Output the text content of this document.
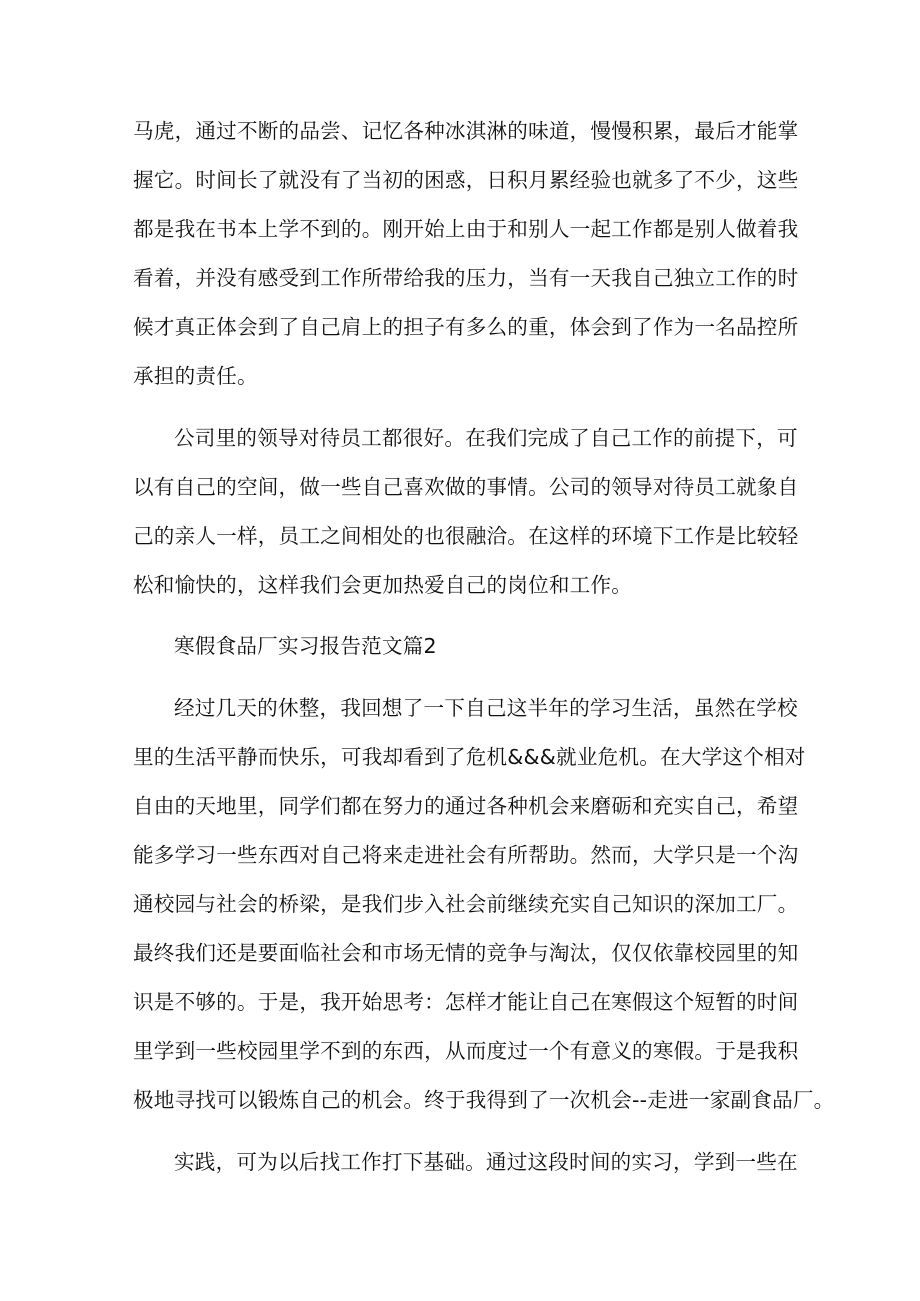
马虎，通过不断的品尝、记忆各种冰淇淋的味道，慢慢积累，最后才能掌
握它。时间长了就没有了当初的困惑，日积月累经验也就多了不少，这些
都是我在书本上学不到的。刚开始上由于和别人一起工作都是别人做着我
看着，并没有感受到工作所带给我的压力，当有一天我自己独立工作的时
候才真正体会到了自己肩上的担子有多么的重，体会到了作为一名品控所
承担的责任。
公司里的领导对待员工都很好。在我们完成了自己工作的前提下，可
以有自己的空间，做一些自己喜欢做的事情。公司的领导对待员工就象自
己的亲人一样，员工之间相处的也很融洽。在这样的环境下工作是比较轻
松和愉快的，这样我们会更加热爱自己的岗位和工作。
寒假食品厂实习报告范文篇2
经过几天的休整，我回想了一下自己这半年的学习生活，虽然在学校
里的生活平静而快乐，可我却看到了危机&&&就业危机。在大学这个相对
自由的天地里，同学们都在努力的通过各种机会来磨砺和充实自己，希望
能多学习一些东西对自己将来走进社会有所帮助。然而，大学只是一个沟
通校园与社会的桥梁，是我们步入社会前继续充实自己知识的深加工厂。
最终我们还是要面临社会和市场无情的竞争与淘汰，仅仅依靠校园里的知
识是不够的。于是，我开始思考：怎样才能让自己在寒假这个短暂的时间
里学到一些校园里学不到的东西，从而度过一个有意义的寒假。于是我积
极地寻找可以锻炼自己的机会。终于我得到了一次机会--走进一家副食品厂。
实践，可为以后找工作打下基础。通过这段时间的实习，学到一些在
